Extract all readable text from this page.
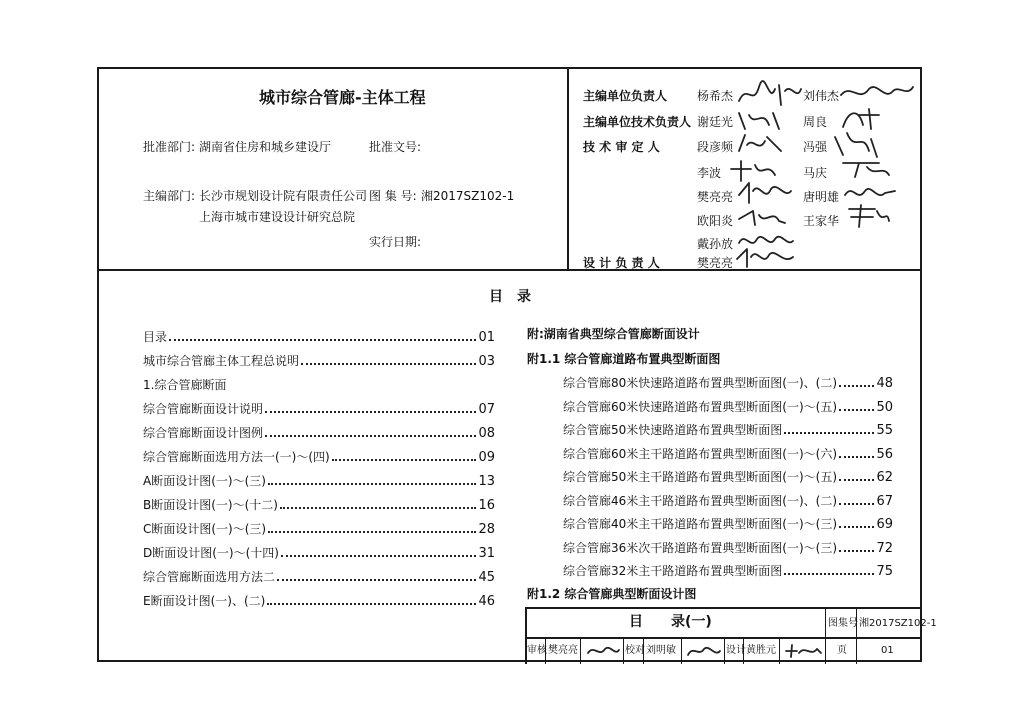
城市综合管廊-主体工程
批准部门: 湖南省住房和城乡建设厅	批准文号:
主编部门: 长沙市规划设计院有限责任公司
上海市城市建设设计研究总院
图 集 号: 湘2017SZ102-1
实行日期:
主编单位负责人 杨希杰	刘伟杰
主编单位技术负责人 谢廷光	周良
技 术 审 定 人	段彦频	冯强
李波	马庆
樊亮亮	唐明雄
欧阳炎	王家华
戴孙放
设 计 负 责 人	樊亮亮
目　录
目录	01
城市综合管廊主体工程总说明	03
1.综合管廊断面
综合管廊断面设计说明	07
综合管廊断面设计图例	08
综合管廊断面选用方法一(一)～(四)	09
A断面设计图(一)～(三)	13
B断面设计图(一)～(十二)	16
C断面设计图(一)～(三)	28
D断面设计图(一)～(十四)	31
综合管廊断面选用方法二	45
E断面设计图(一)、(二)	46
附:湖南省典型综合管廊断面设计
附1.1 综合管廊道路布置典型断面图
综合管廊80米快速路道路布置典型断面图(一)、(二)	48
综合管廊60米快速路道路布置典型断面图(一)～(五)	50
综合管廊50米快速路道路布置典型断面图	55
综合管廊60米主干路道路布置典型断面图(一)～(六)	56
综合管廊50米主干路道路布置典型断面图(一)～(五)	62
综合管廊46米主干路道路布置典型断面图(一)、(二)	67
综合管廊40米主干路道路布置典型断面图(一)～(三)	69
综合管廊36米次干路道路布置典型断面图(一)～(三)	72
综合管廊32米主干路道路布置典型断面图	75
附1.2 综合管廊典型断面设计图
目　　录(一)	图集号 湘2017SZ102-1
审核 樊亮亮	校对 刘明敏	设计 黄胜元	页	01
